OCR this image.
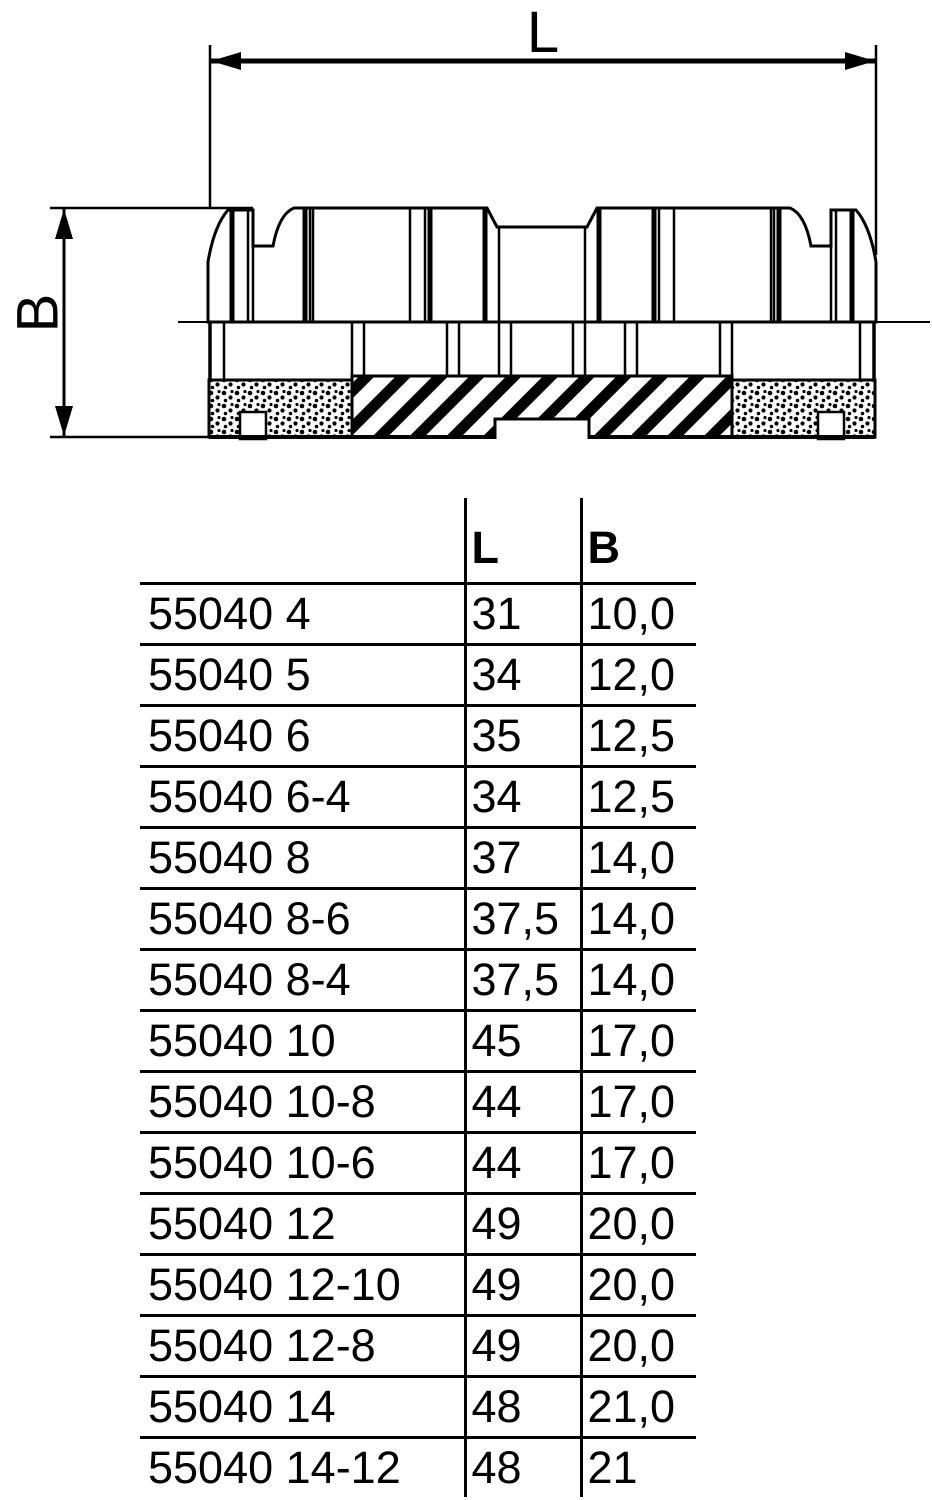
L
B
	L	B
55040 4	31	10,0
55040 5	34	12,0
55040 6	35	12,5
55040 6-4	34	12,5
55040 8	37	14,0
55040 8-6	37,5	14,0
55040 8-4	37,5	14,0
55040 10	45	17,0
55040 10-8	44	17,0
55040 10-6	44	17,0
55040 12	49	20,0
55040 12-10	49	20,0
55040 12-8	49	20,0
55040 14	48	21,0
55040 14-12	48	21
